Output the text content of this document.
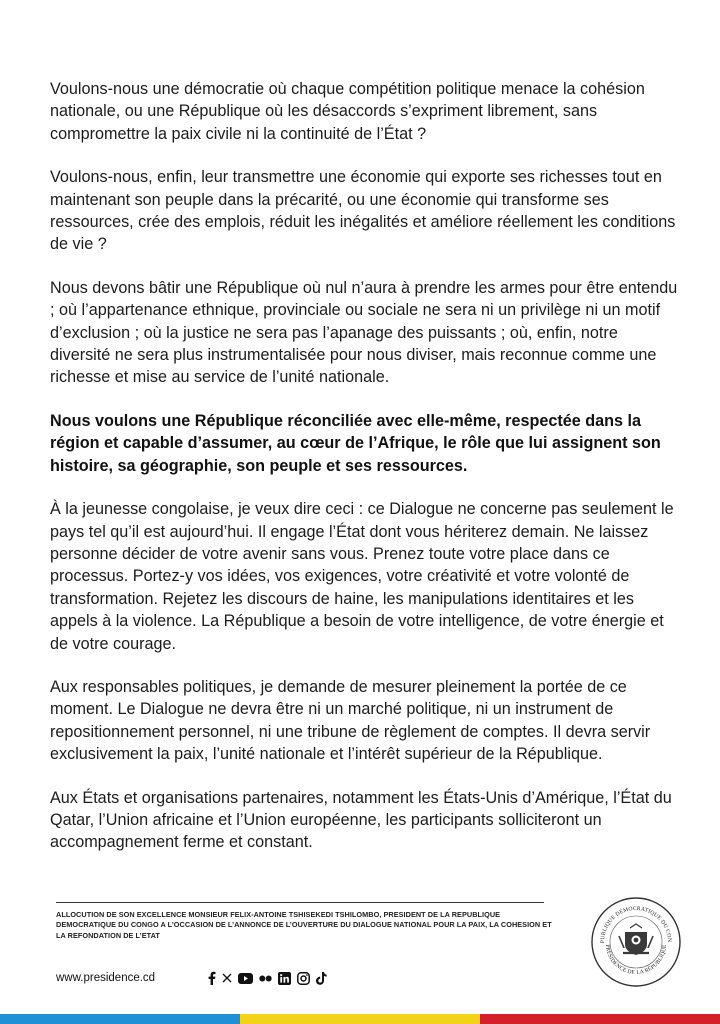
Voulons-nous une démocratie où chaque compétition politique menace la cohésion nationale, ou une République où les désaccords s’expriment librement, sans compromettre la paix civile ni la continuité de l’État ?

Voulons-nous, enfin, leur transmettre une économie qui exporte ses richesses tout en maintenant son peuple dans la précarité, ou une économie qui transforme ses ressources, crée des emplois, réduit les inégalités et améliore réellement les conditions de vie ?

Nous devons bâtir une République où nul n’aura à prendre les armes pour être entendu ; où l’appartenance ethnique, provinciale ou sociale ne sera ni un privilège ni un motif d’exclusion ; où la justice ne sera pas l’apanage des puissants ; où, enfin, notre diversité ne sera plus instrumentalisée pour nous diviser, mais reconnue comme une richesse et mise au service de l’unité nationale.

Nous voulons une République réconciliée avec elle-même, respectée dans la région et capable d’assumer, au cœur de l’Afrique, le rôle que lui assignent son histoire, sa géographie, son peuple et ses ressources.

À la jeunesse congolaise, je veux dire ceci : ce Dialogue ne concerne pas seulement le pays tel qu’il est aujourd’hui. Il engage l’État dont vous hériterez demain. Ne laissez personne décider de votre avenir sans vous. Prenez toute votre place dans ce processus. Portez-y vos idées, vos exigences, votre créativité et votre volonté de transformation. Rejetez les discours de haine, les manipulations identitaires et les appels à la violence. La République a besoin de votre intelligence, de votre énergie et de votre courage.

Aux responsables politiques, je demande de mesurer pleinement la portée de ce moment. Le Dialogue ne devra être ni un marché politique, ni un instrument de repositionnement personnel, ni une tribune de règlement de comptes. Il devra servir exclusivement la paix, l’unité nationale et l’intérêt supérieur de la République.

Aux États et organisations partenaires, notamment les États-Unis d’Amérique, l’État du Qatar, l’Union africaine et l’Union européenne, les participants solliciteront un accompagnement ferme et constant.

ALLOCUTION DE SON EXCELLENCE MONSIEUR FELIX-ANTOINE TSHISEKEDI TSHILOMBO, PRESIDENT DE LA REPUBLIQUE DEMOCRATIQUE DU CONGO A L’OCCASION DE L’ANNONCE DE L’OUVERTURE DU DIALOGUE NATIONAL POUR LA PAIX, LA COHESION ET LA REFONDATION DE L’ETAT
www.presidence.cd
PUBLIQUE DÉMOCRATIQUE DU CON
PRÉSIDENCE DE LA RÉPUBLIQUE
